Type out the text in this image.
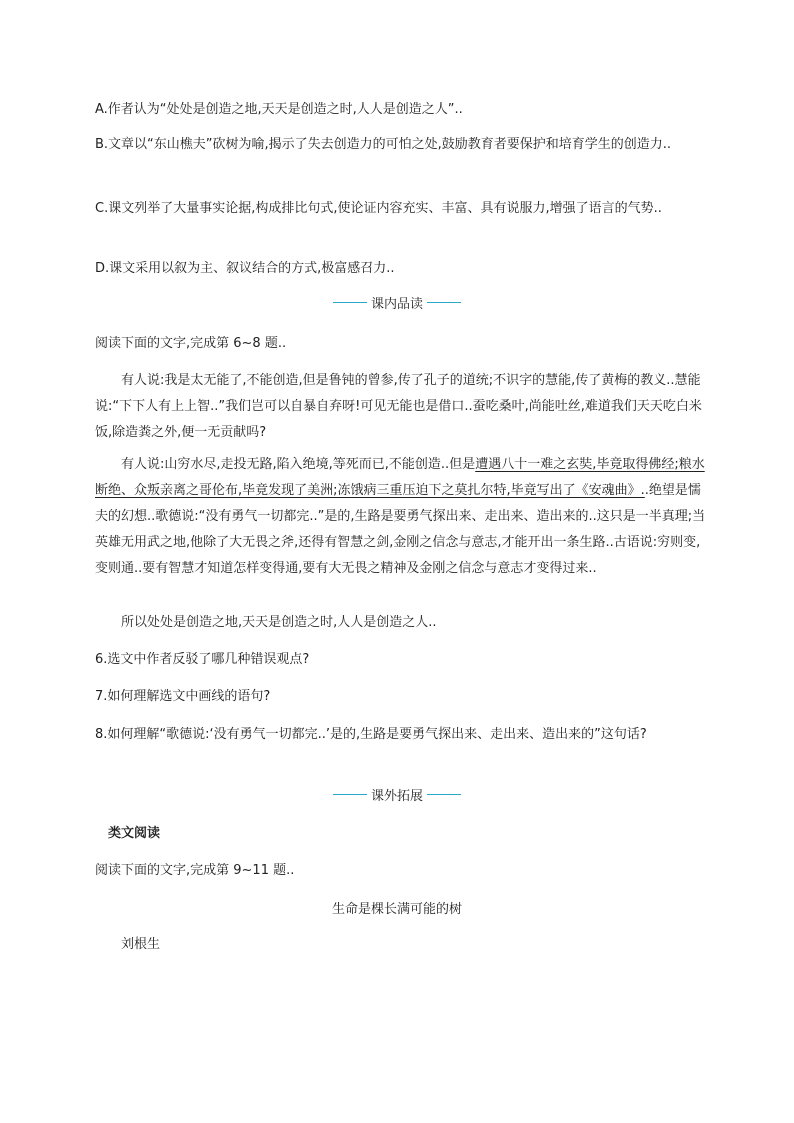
A.作者认为“处处是创造之地,天天是创造之时,人人是创造之人”..
B.文章以“东山樵夫”砍树为喻,揭示了失去创造力的可怕之处,鼓励教育者要保护和培育学生的创造力..
C.课文列举了大量事实论据,构成排比句式,使论证内容充实、丰富、具有说服力,增强了语言的气势..
D.课文采用以叙为主、叙议结合的方式,极富感召力..
课内品读
阅读下面的文字,完成第 6~8 题..
有人说:我是太无能了,不能创造,但是鲁钝的曾参,传了孔子的道统;不识字的慧能,传了黄梅的教义..慧能说:“下下人有上上智..”我们岂可以自暴自弃呀!可见无能也是借口..蚕吃桑叶,尚能吐丝,难道我们天天吃白米饭,除造粪之外,便一无贡献吗?
有人说:山穷水尽,走投无路,陷入绝境,等死而已,不能创造..但是遭遇八十一难之玄奘,毕竟取得佛经;粮水断绝、众叛亲离之哥伦布,毕竟发现了美洲;冻饿病三重压迫下之莫扎尔特,毕竟写出了《安魂曲》..绝望是懦夫的幻想..歌德说:“没有勇气一切都完..”是的,生路是要勇气探出来、走出来、造出来的..这只是一半真理;当英雄无用武之地,他除了大无畏之斧,还得有智慧之剑,金刚之信念与意志,才能开出一条生路..古语说:穷则变,变则通..要有智慧才知道怎样变得通,要有大无畏之精神及金刚之信念与意志才变得过来..
所以处处是创造之地,天天是创造之时,人人是创造之人..
6.选文中作者反驳了哪几种错误观点?
7.如何理解选文中画线的语句?
8.如何理解“歌德说:‘没有勇气一切都完..’是的,生路是要勇气探出来、走出来、造出来的”这句话?
课外拓展
类文阅读
阅读下面的文字,完成第 9~11 题..
生命是棵长满可能的树
刘根生
